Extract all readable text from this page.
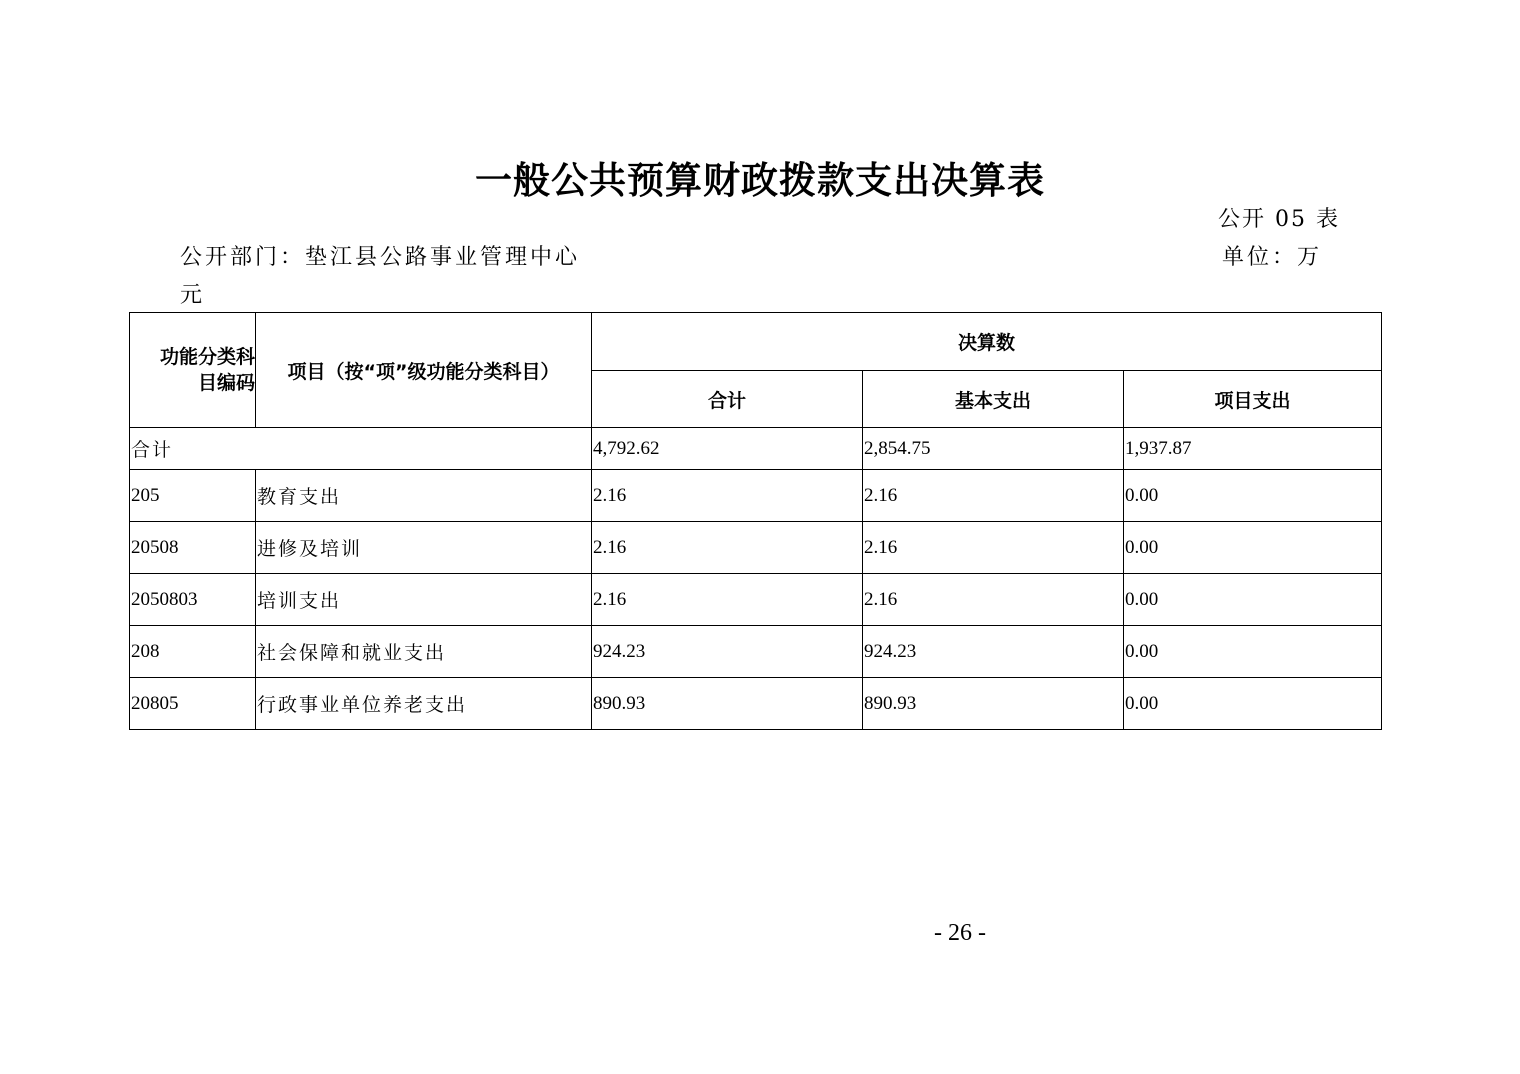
一般公共预算财政拨款支出决算表
公开 05 表
公开部门：垫江县公路事业管理中心	单位：万
元
功能分类科
目编码	项目（按“项”级功能分类科目）	决算数		
		合计	基本支出	项目支出
合计		4,792.62	2,854.75	1,937.87
205	教育支出	2.16	2.16	0.00
20508	进修及培训	2.16	2.16	0.00
2050803	培训支出	2.16	2.16	0.00
208	社会保障和就业支出	924.23	924.23	0.00
20805	行政事业单位养老支出	890.93	890.93	0.00
- 26 -
